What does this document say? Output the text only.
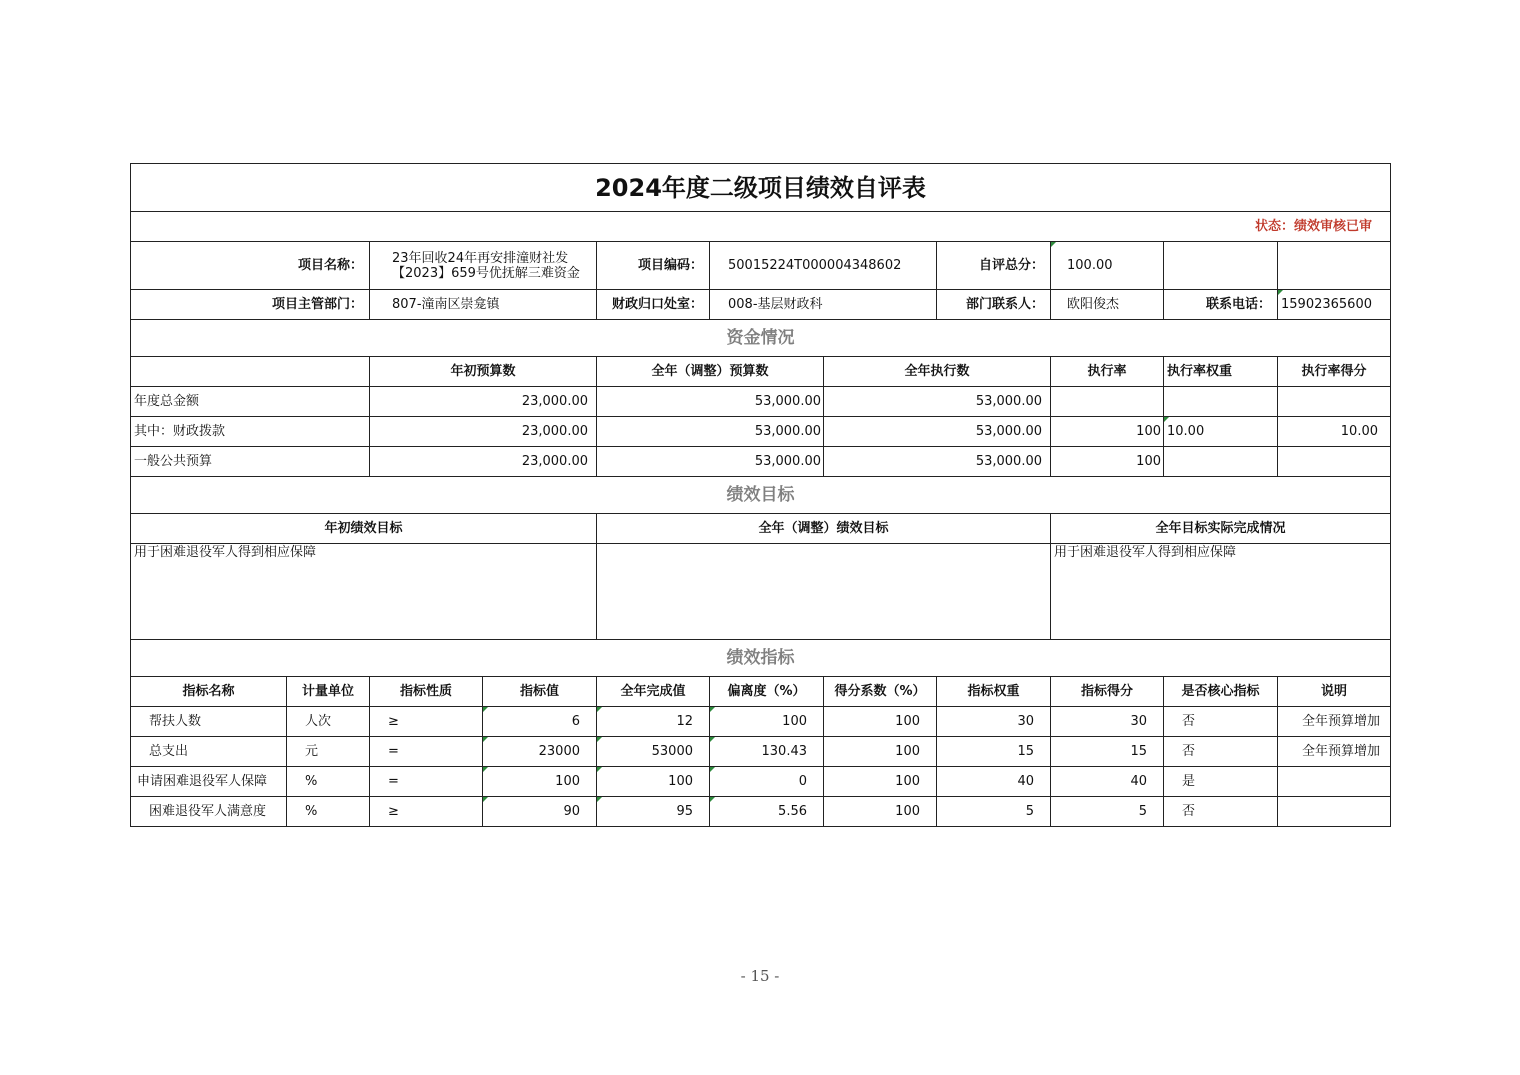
2024年度二级项目绩效自评表										
状态：绩效审核已审										
项目名称：		23年回收24年再安排潼财社发【2023】659号优抚解三难资金		项目编码：	50015224T000004348602		自评总分：	100.00		
项目主管部门：		807-潼南区崇龛镇		财政归口处室：	008-基层财政科		部门联系人：	欧阳俊杰	联系电话：	15902365600
资金情况										
		年初预算数		全年（调整）预算数		全年执行数		执行率	执行率权重	执行率得分
年度总金额		23,000.00		53,000.00		53,000.00				
其中：财政拨款		23,000.00		53,000.00		53,000.00		100	10.00	10.00
一般公共预算		23,000.00		53,000.00		53,000.00		100		
绩效目标										
年初绩效目标				全年（调整）绩效目标				全年目标实际完成情况		
用于困难退役军人得到相应保障								用于困难退役军人得到相应保障		
绩效指标										
指标名称	计量单位	指标性质	指标值	全年完成值	偏离度（%）	得分系数（%）	指标权重	指标得分	是否核心指标	说明
帮扶人数	人次	≥	6	12	100	100	30	30	否	全年预算增加
总支出	元	=	23000	53000	130.43	100	15	15	否	全年预算增加
申请困难退役军人保障	%	=	100	100	0	100	40	40	是	
困难退役军人满意度	%	≥	90	95	5.56	100	5	5	否	
- 15 -
